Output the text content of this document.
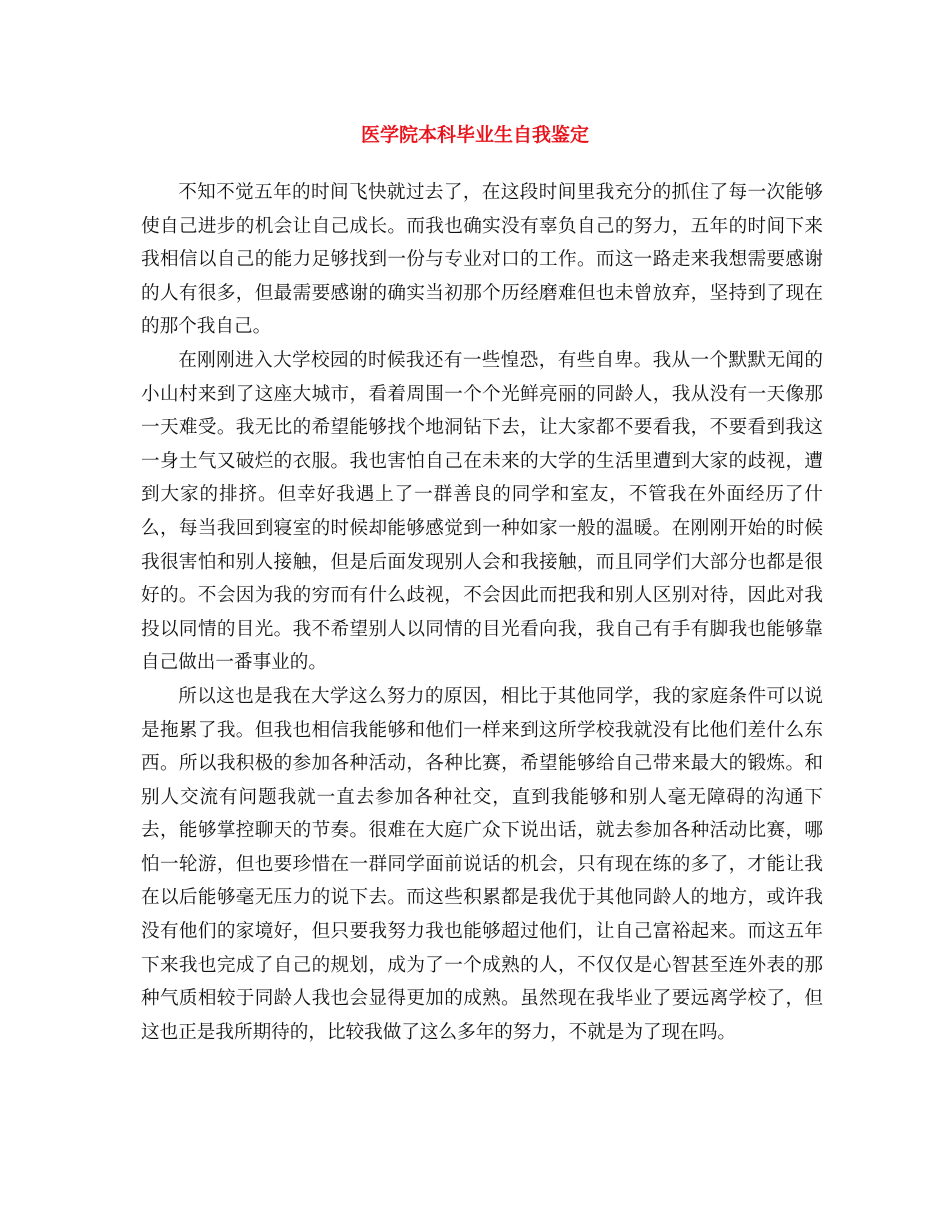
医学院本科毕业生自我鉴定

不知不觉五年的时间飞快就过去了，在这段时间里我充分的抓住了每一次能够使自己进步的机会让自己成长。而我也确实没有辜负自己的努力，五年的时间下来我相信以自己的能力足够找到一份与专业对口的工作。而这一路走来我想需要感谢的人有很多，但最需要感谢的确实当初那个历经磨难但也未曾放弃，坚持到了现在的那个我自己。

在刚刚进入大学校园的时候我还有一些惶恐，有些自卑。我从一个默默无闻的小山村来到了这座大城市，看着周围一个个光鲜亮丽的同龄人，我从没有一天像那一天难受。我无比的希望能够找个地洞钻下去，让大家都不要看我，不要看到我这一身土气又破烂的衣服。我也害怕自己在未来的大学的生活里遭到大家的歧视，遭到大家的排挤。但幸好我遇上了一群善良的同学和室友，不管我在外面经历了什么，每当我回到寝室的时候却能够感觉到一种如家一般的温暖。在刚刚开始的时候我很害怕和别人接触，但是后面发现别人会和我接触，而且同学们大部分也都是很好的。不会因为我的穷而有什么歧视，不会因此而把我和别人区别对待，因此对我投以同情的目光。我不希望别人以同情的目光看向我，我自己有手有脚我也能够靠自己做出一番事业的。

所以这也是我在大学这么努力的原因，相比于其他同学，我的家庭条件可以说是拖累了我。但我也相信我能够和他们一样来到这所学校我就没有比他们差什么东西。所以我积极的参加各种活动，各种比赛，希望能够给自己带来最大的锻炼。和别人交流有问题我就一直去参加各种社交，直到我能够和别人毫无障碍的沟通下去，能够掌控聊天的节奏。很难在大庭广众下说出话，就去参加各种活动比赛，哪怕一轮游，但也要珍惜在一群同学面前说话的机会，只有现在练的多了，才能让我在以后能够毫无压力的说下去。而这些积累都是我优于其他同龄人的地方，或许我没有他们的家境好，但只要我努力我也能够超过他们，让自己富裕起来。而这五年下来我也完成了自己的规划，成为了一个成熟的人，不仅仅是心智甚至连外表的那种气质相较于同龄人我也会显得更加的成熟。虽然现在我毕业了要远离学校了，但这也正是我所期待的，比较我做了这么多年的努力，不就是为了现在吗。
